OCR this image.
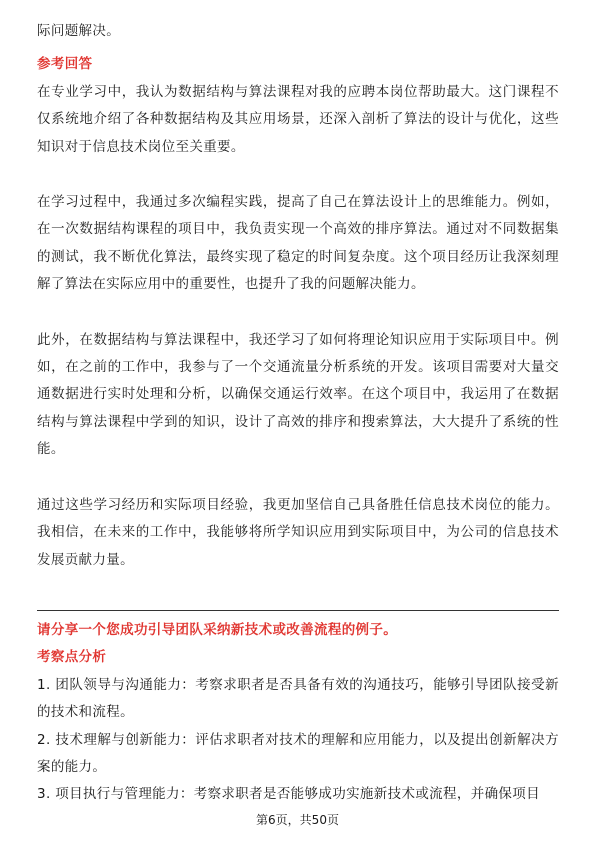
际问题解决。

参考回答

在专业学习中，我认为数据结构与算法课程对我的应聘本岗位帮助最大。这门课程不仅系统地介绍了各种数据结构及其应用场景，还深入剖析了算法的设计与优化，这些知识对于信息技术岗位至关重要。

在学习过程中，我通过多次编程实践，提高了自己在算法设计上的思维能力。例如，在一次数据结构课程的项目中，我负责实现一个高效的排序算法。通过对不同数据集的测试，我不断优化算法，最终实现了稳定的时间复杂度。这个项目经历让我深刻理解了算法在实际应用中的重要性，也提升了我的问题解决能力。

此外，在数据结构与算法课程中，我还学习了如何将理论知识应用于实际项目中。例如，在之前的工作中，我参与了一个交通流量分析系统的开发。该项目需要对大量交通数据进行实时处理和分析，以确保交通运行效率。在这个项目中，我运用了在数据结构与算法课程中学到的知识，设计了高效的排序和搜索算法，大大提升了系统的性能。

通过这些学习经历和实际项目经验，我更加坚信自己具备胜任信息技术岗位的能力。我相信，在未来的工作中，我能够将所学知识应用到实际项目中，为公司的信息技术发展贡献力量。

请分享一个您成功引导团队采纳新技术或改善流程的例子。

考察点分析

1. 团队领导与沟通能力：考察求职者是否具备有效的沟通技巧，能够引导团队接受新的技术和流程。

2. 技术理解与创新能力：评估求职者对技术的理解和应用能力，以及提出创新解决方案的能力。

3. 项目执行与管理能力：考察求职者是否能够成功实施新技术或流程，并确保项目

第6页，共50页
